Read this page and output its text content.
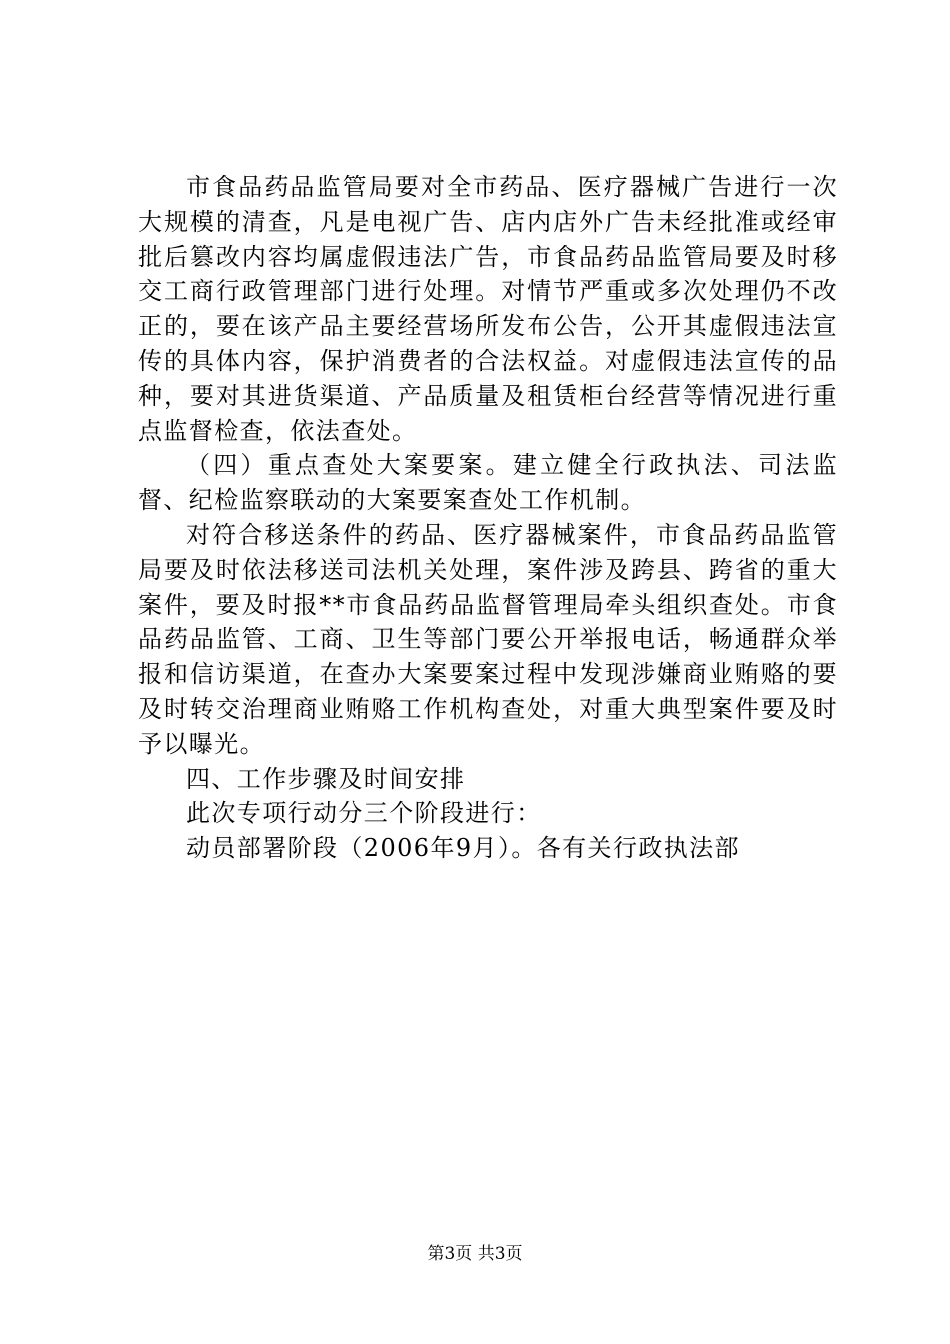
市食品药品监管局要对全市药品、医疗器械广告进行一次大规模的清查，凡是电视广告、店内店外广告未经批准或经审批后篡改内容均属虚假违法广告，市食品药品监管局要及时移交工商行政管理部门进行处理。对情节严重或多次处理仍不改正的，要在该产品主要经营场所发布公告，公开其虚假违法宣传的具体内容，保护消费者的合法权益。对虚假违法宣传的品种，要对其进货渠道、产品质量及租赁柜台经营等情况进行重点监督检查，依法查处。

（四）重点查处大案要案。建立健全行政执法、司法监督、纪检监察联动的大案要案查处工作机制。

对符合移送条件的药品、医疗器械案件，市食品药品监管局要及时依法移送司法机关处理，案件涉及跨县、跨省的重大案件，要及时报**市食品药品监督管理局牵头组织查处。市食品药品监管、工商、卫生等部门要公开举报电话，畅通群众举报和信访渠道，在查办大案要案过程中发现涉嫌商业贿赂的要及时转交治理商业贿赂工作机构查处，对重大典型案件要及时予以曝光。

四、工作步骤及时间安排

此次专项行动分三个阶段进行：

动员部署阶段（2006年9月）。各有关行政执法部

第3页 共3页
